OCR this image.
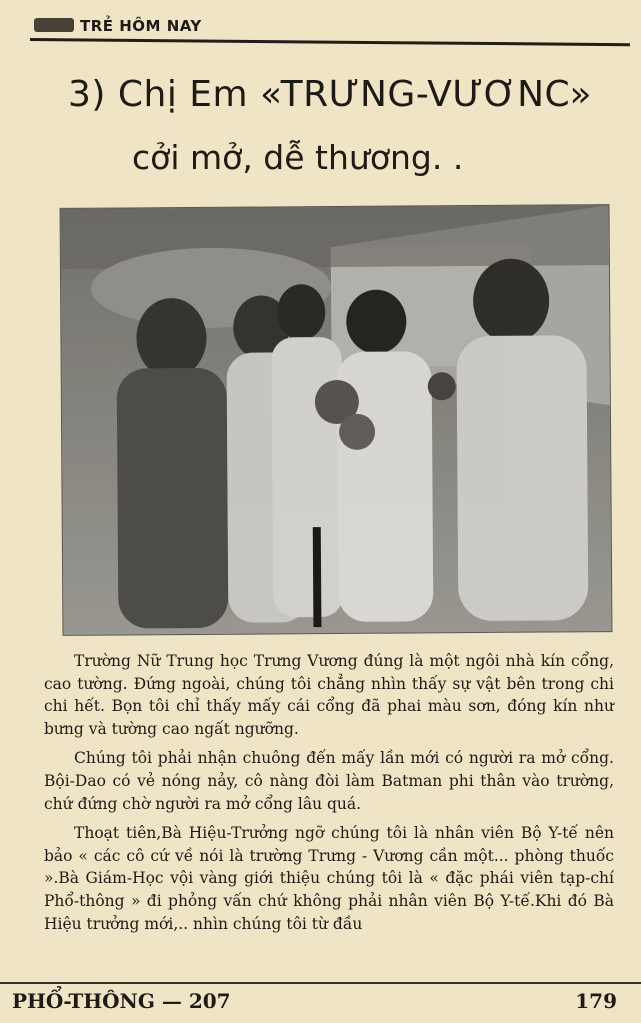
TRẺ HÔM NAY
3) Chị Em «TRƯNG-VƯƠNC»
cởi mở, dễ thương. .

Trường Nữ Trung học Trưng Vương đúng là một ngôi nhà kín cổng, cao tường. Đứng ngoài, chúng tôi chẳng nhìn thấy sự vật bên trong chi chi hết. Bọn tôi chỉ thấy mấy cái cổng đã phai màu sơn, đóng kín như bưng và tường cao ngất ngưỡng.

Chúng tôi phải nhận chuông đến mấy lần mới có người ra mở cổng. Bội-Dao có vẻ nóng nảy, cô nàng đòi làm Batman phi thân vào trường, chứ đứng chờ người ra mở cổng lâu quá.

Thoạt tiên,Bà Hiệu-Trưởng ngỡ chúng tôi là nhân viên Bộ Y-tế nên bảo « các cô cứ về nói là trường Trưng - Vương cần một... phòng thuốc ».Bà Giám-Học vội vàng giới thiệu chúng tôi là « đặc phái viên tạp-chí Phổ-thông » đi phỏng vấn chứ không phải nhân viên Bộ Y-tế.Khi đó Bà Hiệu trưởng mới,.. nhìn chúng tôi từ đầu

PHỔ-THÔNG — 207	179
